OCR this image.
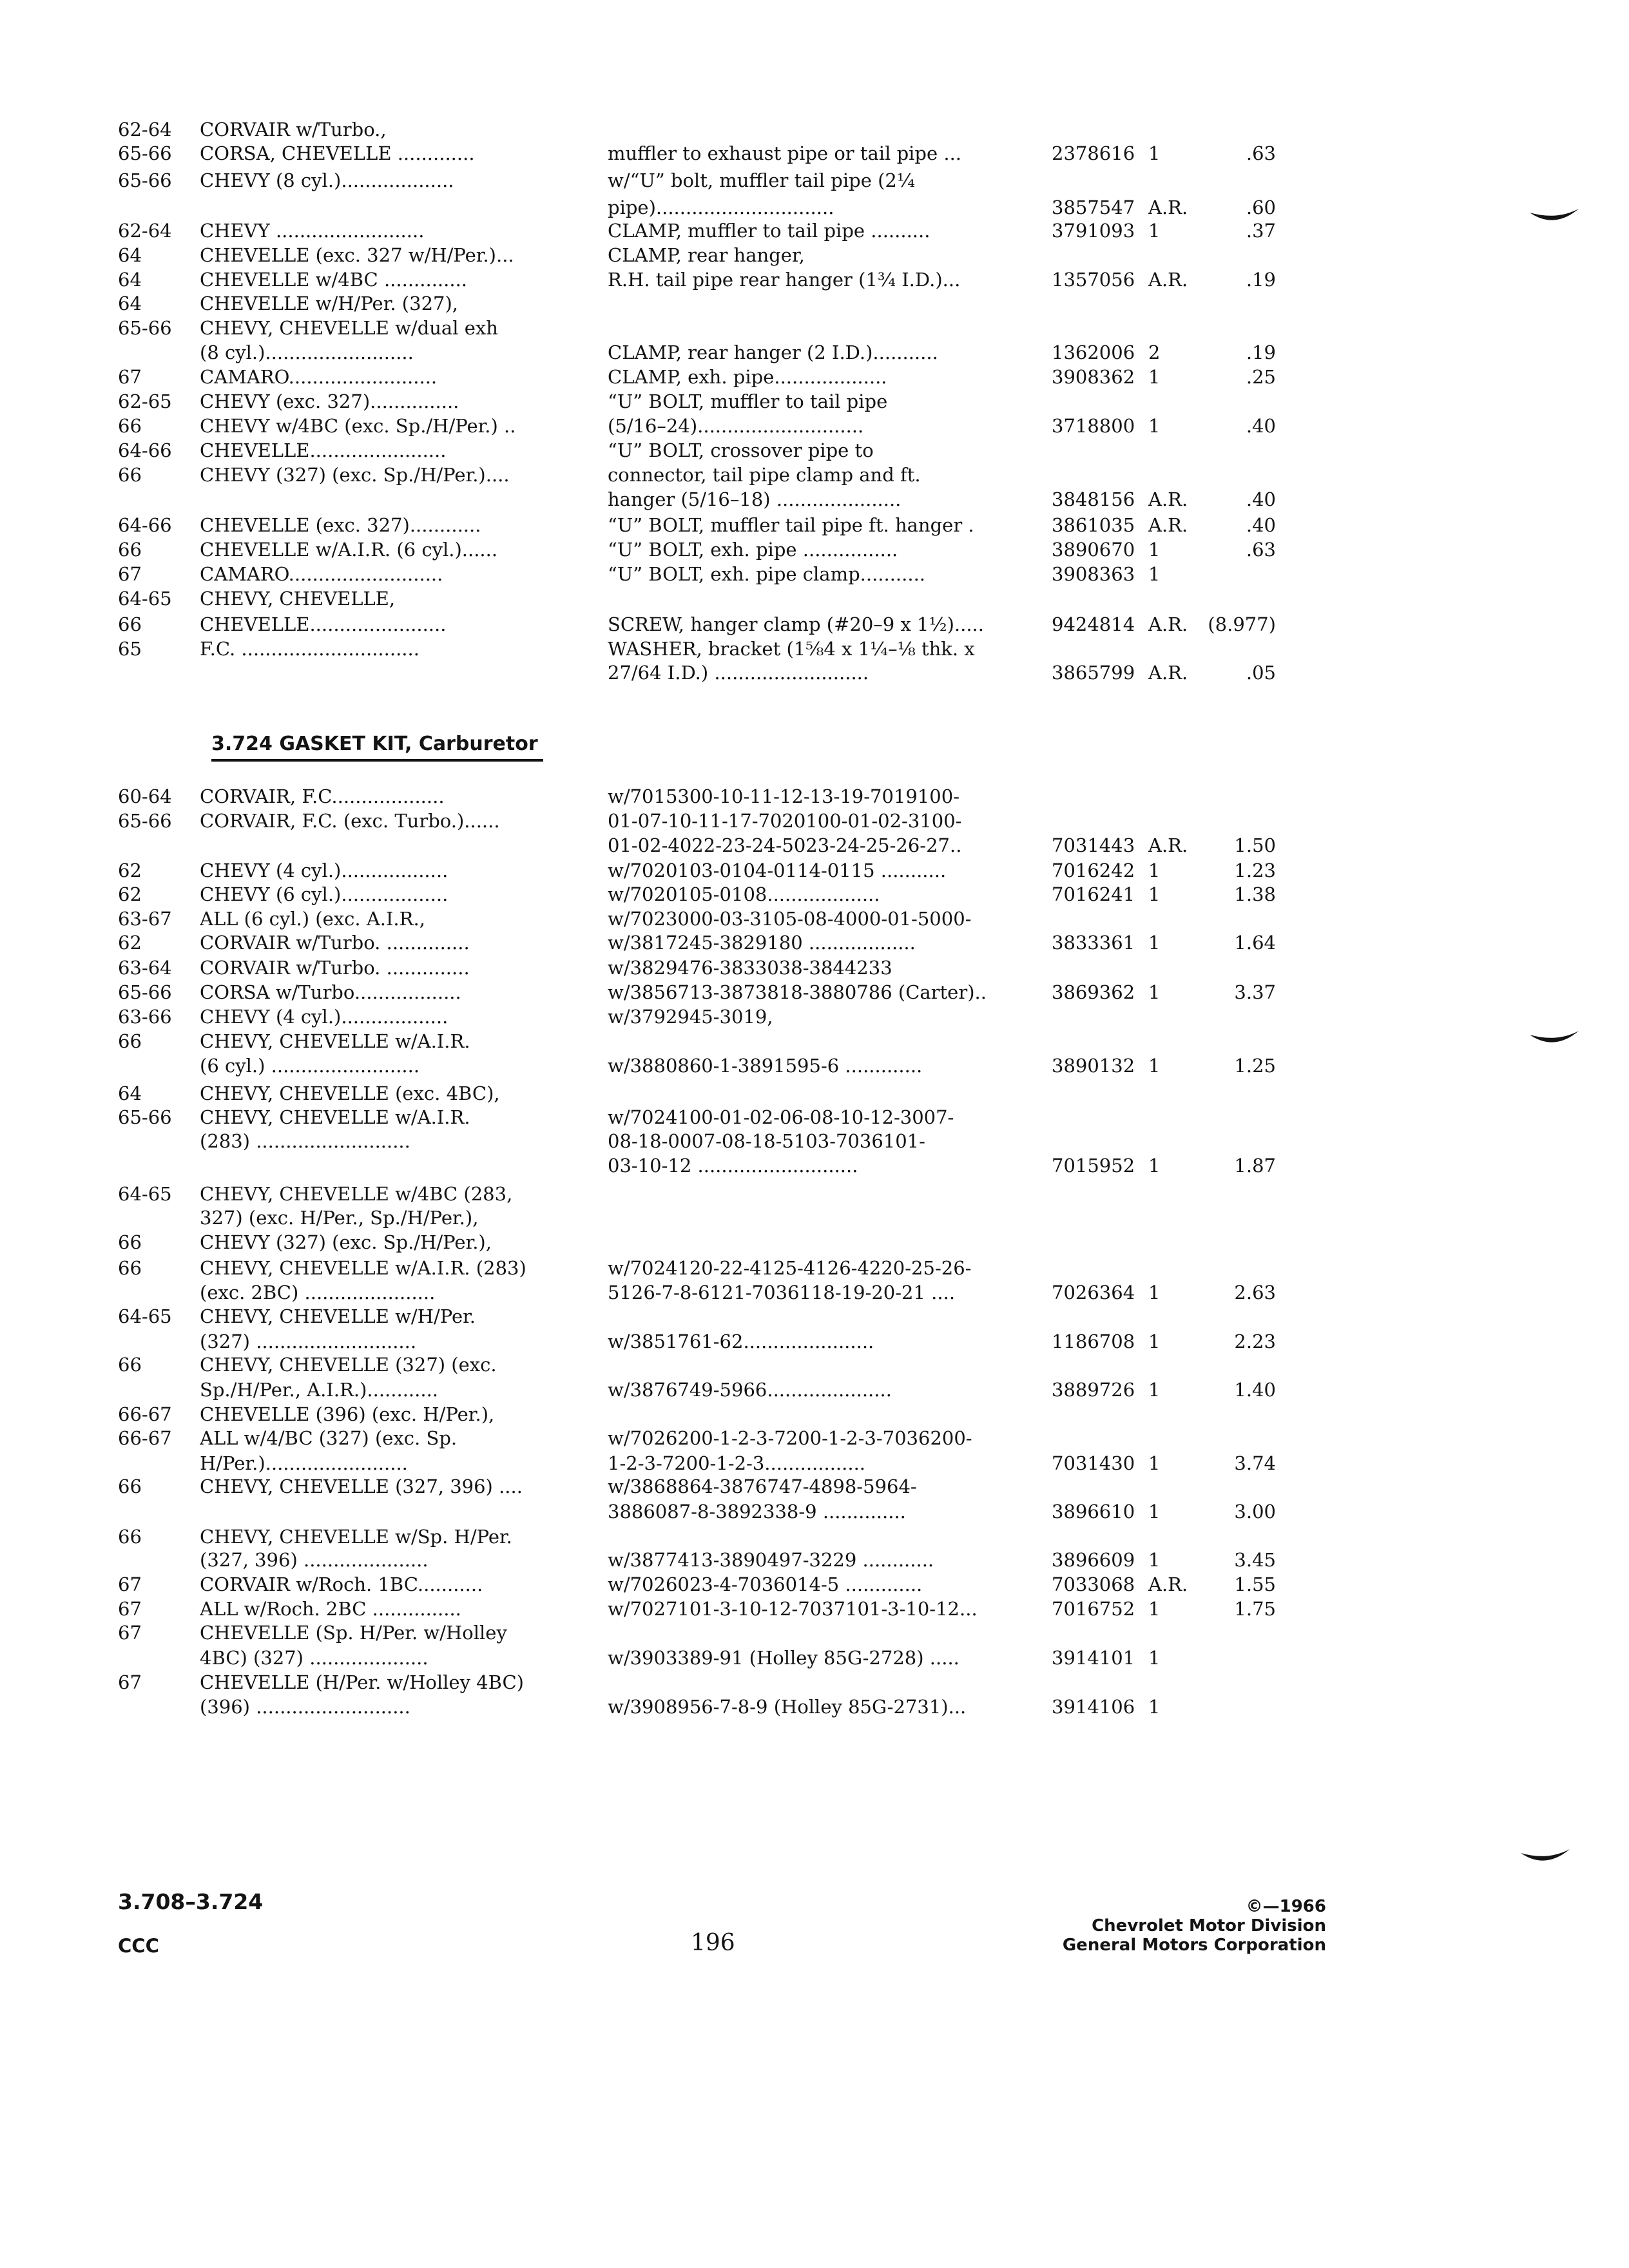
62-64	CORVAIR w/Turbo.,
65-66	CORSA, CHEVELLE .............	muffler to exhaust pipe or tail pipe ...	2378616 1	.63
65-66	CHEVY (8 cyl.)...................	w/“U” bolt, muffler tail pipe (2¼
pipe)..............................	3857547 A.R.	.60
62-64	CHEVY .........................	CLAMP, muffler to tail pipe ..........	3791093 1	.37
64	CHEVELLE (exc. 327 w/H/Per.)...	CLAMP, rear hanger,
64	CHEVELLE w/4BC ..............	R.H. tail pipe rear hanger (1¾ I.D.)...	1357056 A.R.	.19
64	CHEVELLE w/H/Per. (327),
65-66	CHEVY, CHEVELLE w/dual exh
(8 cyl.).........................	CLAMP, rear hanger (2 I.D.)...........	1362006 2	.19
67	CAMARO.........................	CLAMP, exh. pipe...................	3908362 1	.25
62-65	CHEVY (exc. 327)...............	“U” BOLT, muffler to tail pipe
66	CHEVY w/4BC (exc. Sp./H/Per.) ..	(5/16–24)............................	3718800 1	.40
64-66	CHEVELLE.......................	“U” BOLT, crossover pipe to
66	CHEVY (327) (exc. Sp./H/Per.)....	connector, tail pipe clamp and ft.
hanger (5/16–18) .....................	3848156 A.R.	.40
64-66	CHEVELLE (exc. 327)............	“U” BOLT, muffler tail pipe ft. hanger .	3861035 A.R.	.40
66	CHEVELLE w/A.I.R. (6 cyl.)......	“U” BOLT, exh. pipe ................	3890670 1	.63
67	CAMARO..........................	“U” BOLT, exh. pipe clamp...........	3908363 1
64-65	CHEVY, CHEVELLE,
66	CHEVELLE.......................	SCREW, hanger clamp (#20–9 x 1½).....	9424814 A.R.	(8.977)
65	F.C. ..............................	WASHER, bracket (1⅝4 x 1¼–⅛ thk. x
27/64 I.D.) ..........................	3865799 A.R.	.05
3.724 GASKET KIT, Carburetor
60-64	CORVAIR, F.C...................	w/7015300-10-11-12-13-19-7019100-
65-66	CORVAIR, F.C. (exc. Turbo.)......	01-07-10-11-17-7020100-01-02-3100-
01-02-4022-23-24-5023-24-25-26-27..	7031443 A.R.	1.50
62	CHEVY (4 cyl.)..................	w/7020103-0104-0114-0115 ...........	7016242 1	1.23
62	CHEVY (6 cyl.)..................	w/7020105-0108...................	7016241 1	1.38
63-67	ALL (6 cyl.) (exc. A.I.R.,	w/7023000-03-3105-08-4000-01-5000-
62	CORVAIR w/Turbo. ..............	w/3817245-3829180 ..................	3833361 1	1.64
63-64	CORVAIR w/Turbo. ..............	w/3829476-3833038-3844233
65-66	CORSA w/Turbo..................	w/3856713-3873818-3880786 (Carter)..	3869362 1	3.37
63-66	CHEVY (4 cyl.)..................	w/3792945-3019,
66	CHEVY, CHEVELLE w/A.I.R.
(6 cyl.) .........................	w/3880860-1-3891595-6 .............	3890132 1	1.25
64	CHEVY, CHEVELLE (exc. 4BC),
65-66	CHEVY, CHEVELLE w/A.I.R.	w/7024100-01-02-06-08-10-12-3007-
(283) ..........................	08-18-0007-08-18-5103-7036101-
03-10-12 ...........................	7015952 1	1.87
64-65	CHEVY, CHEVELLE w/4BC (283,
327) (exc. H/Per., Sp./H/Per.),
66	CHEVY (327) (exc. Sp./H/Per.),
66	CHEVY, CHEVELLE w/A.I.R. (283)	w/7024120-22-4125-4126-4220-25-26-
(exc. 2BC) ......................	5126-7-8-6121-7036118-19-20-21 ....	7026364 1	2.63
64-65	CHEVY, CHEVELLE w/H/Per.
(327) ...........................	w/3851761-62......................	1186708 1	2.23
66	CHEVY, CHEVELLE (327) (exc.
Sp./H/Per., A.I.R.)............	w/3876749-5966.....................	3889726 1	1.40
66-67	CHEVELLE (396) (exc. H/Per.),
66-67	ALL w/4/BC (327) (exc. Sp.	w/7026200-1-2-3-7200-1-2-3-7036200-
H/Per.)........................	1-2-3-7200-1-2-3.................	7031430 1	3.74
66	CHEVY, CHEVELLE (327, 396) ....	w/3868864-3876747-4898-5964-
3886087-8-3892338-9 ..............	3896610 1	3.00
66	CHEVY, CHEVELLE w/Sp. H/Per.
(327, 396) .....................	w/3877413-3890497-3229 ............	3896609 1	3.45
67	CORVAIR w/Roch. 1BC...........	w/7026023-4-7036014-5 .............	7033068 A.R.	1.55
67	ALL w/Roch. 2BC ...............	w/7027101-3-10-12-7037101-3-10-12...	7016752 1	1.75
67	CHEVELLE (Sp. H/Per. w/Holley
4BC) (327) ....................	w/3903389-91 (Holley 85G-2728) .....	3914101 1
67	CHEVELLE (H/Per. w/Holley 4BC)
(396) ..........................	w/3908956-7-8-9 (Holley 85G-2731)...	3914106 1
3.708–3.724
CCC	196
©—1966
Chevrolet Motor Division
General Motors Corporation
